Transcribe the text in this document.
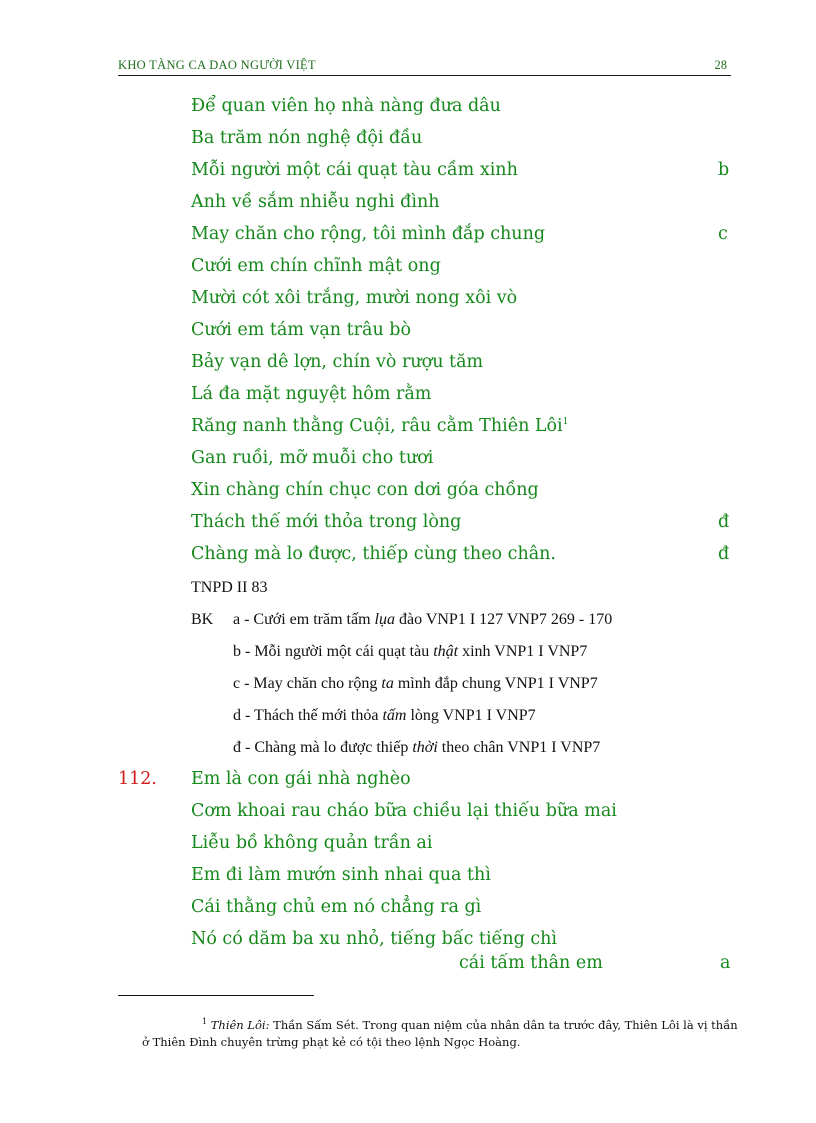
KHO TÀNG CA DAO NGƯỜI VIỆT	28
Để quan viên họ nhà nàng đưa dâu
Ba trăm nón nghệ đội đầu
Mỗi người một cái quạt tàu cầm xinh	b
Anh về sắm nhiễu nghi đình
May chăn cho rộng, tôi mình đắp chung	c
Cưới em chín chĩnh mật ong
Mười cót xôi trắng, mười nong xôi vò
Cưới em tám vạn trâu bò
Bảy vạn dê lợn, chín vò rượu tăm
Lá đa mặt nguyệt hôm rằm
Răng nanh thằng Cuội, râu cằm Thiên Lôi$^1$
Gan ruồi, mỡ muỗi cho tươi
Xin chàng chín chục con dơi góa chồng
Thách thế mới thỏa trong lòng	đ
Chàng mà lo được, thiếp cùng theo chân.	đ
TNPD II 83
BK a - Cưới em trăm tấm lụa đào VNP1 I 127 VNP7 269 - 170
b - Mỗi người một cái quạt tàu thật xinh VNP1 I VNP7
c - May chăn cho rộng ta mình đắp chung VNP1 I VNP7
d - Thách thế mới thỏa tấm lòng VNP1 I VNP7
đ - Chàng mà lo được thiếp thời theo chân VNP1 I VNP7
112. Em là con gái nhà nghèo
Cơm khoai rau cháo bữa chiều lại thiếu bữa mai
Liễu bồ không quản trần ai
Em đi làm mướn sinh nhai qua thì
Cái thằng chủ em nó chẳng ra gì
Nó có dăm ba xu nhỏ, tiếng bấc tiếng chì
cái tấm thân em	a
$^1$ Thiên Lôi: Thần Sấm Sét. Trong quan niệm của nhân dân ta trước đây, Thiên Lôi là vị thần ở Thiên Đình chuyên trừng phạt kẻ có tội theo lệnh Ngọc Hoàng.
